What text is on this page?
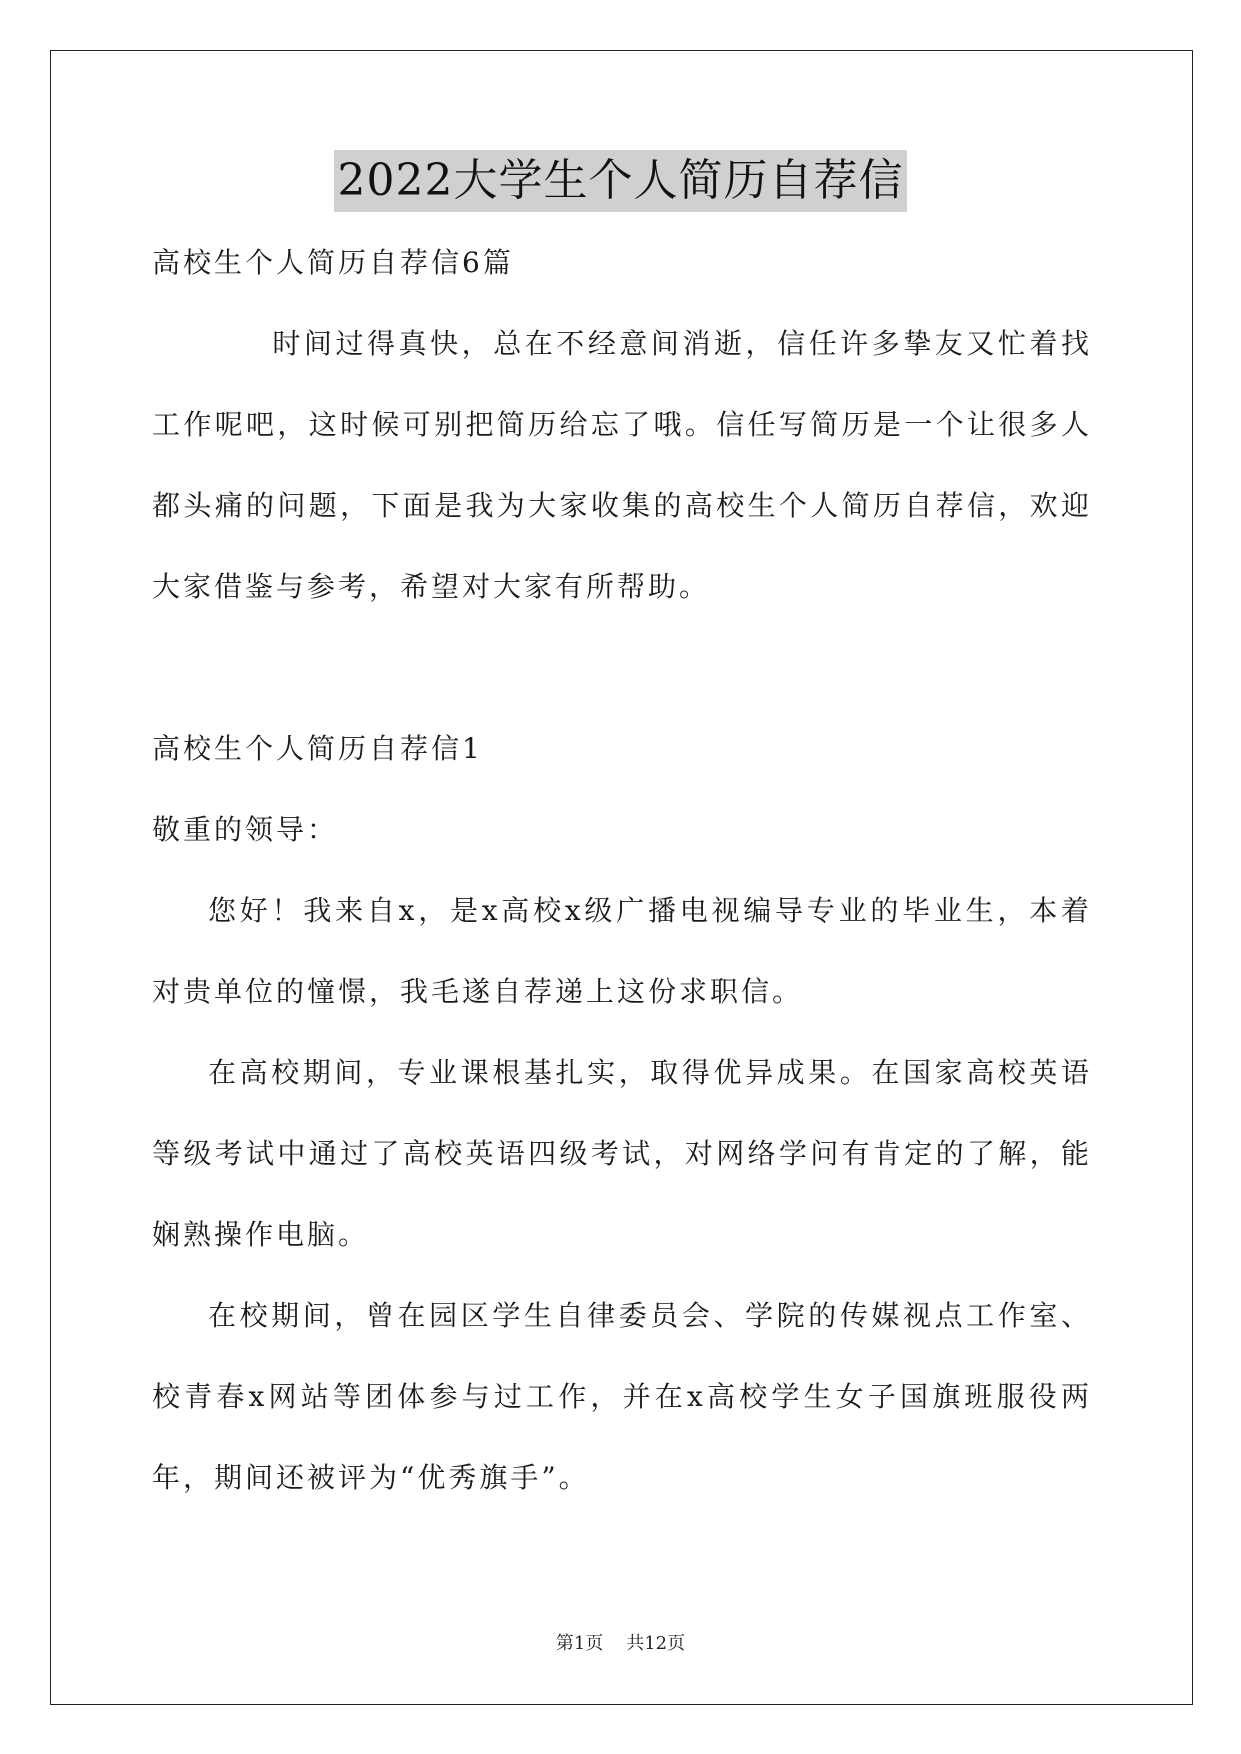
2022大学生个人简历自荐信

高校生个人简历自荐信6篇

时间过得真快，总在不经意间消逝，信任许多挚友又忙着找工作呢吧，这时候可别把简历给忘了哦。信任写简历是一个让很多人都头痛的问题，下面是我为大家收集的高校生个人简历自荐信，欢迎大家借鉴与参考，希望对大家有所帮助。

高校生个人简历自荐信1

敬重的领导：

您好！我来自x，是x高校x级广播电视编导专业的毕业生，本着对贵单位的憧憬，我毛遂自荐递上这份求职信。

在高校期间，专业课根基扎实，取得优异成果。在国家高校英语等级考试中通过了高校英语四级考试，对网络学问有肯定的了解，能娴熟操作电脑。

在校期间，曾在园区学生自律委员会、学院的传媒视点工作室、校青春x网站等团体参与过工作，并在x高校学生女子国旗班服役两年，期间还被评为“优秀旗手”。

第1页 共12页
